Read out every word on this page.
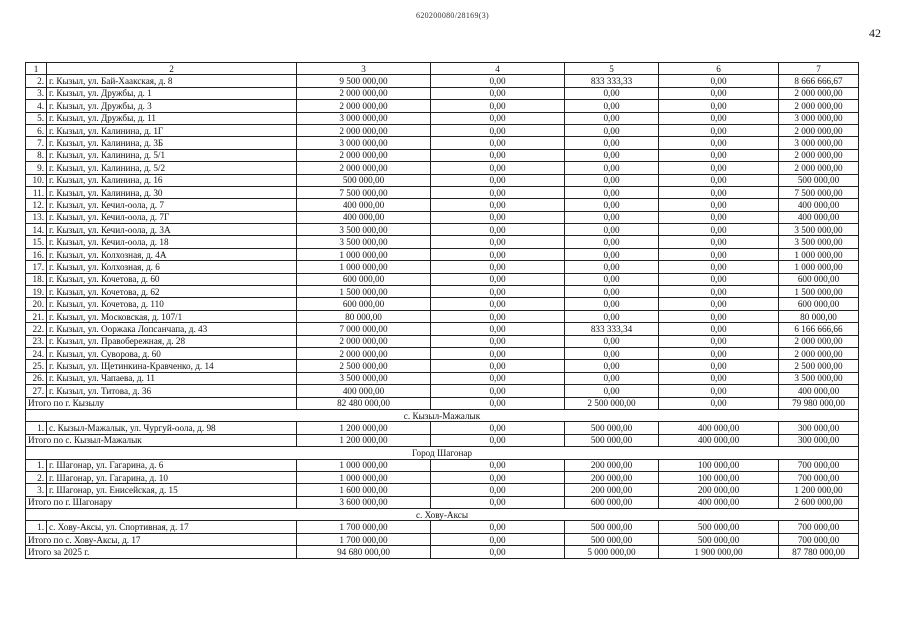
620200080/28169(3)
42
1	2	3	4	5	6	7
2.	г. Кызыл, ул. Бай-Хаакская, д. 8	9 500 000,00	0,00	833 333,33	0,00	8 666 666,67
3.	г. Кызыл, ул. Дружбы, д. 1	2 000 000,00	0,00	0,00	0,00	2 000 000,00
4.	г. Кызыл, ул. Дружбы, д. 3	2 000 000,00	0,00	0,00	0,00	2 000 000,00
5.	г. Кызыл, ул. Дружбы, д. 11	3 000 000,00	0,00	0,00	0,00	3 000 000,00
6.	г. Кызыл, ул. Калинина, д. 1Г	2 000 000,00	0,00	0,00	0,00	2 000 000,00
7.	г. Кызыл, ул. Калинина, д. 3Б	3 000 000,00	0,00	0,00	0,00	3 000 000,00
8.	г. Кызыл, ул. Калинина, д. 5/1	2 000 000,00	0,00	0,00	0,00	2 000 000,00
9.	г. Кызыл, ул. Калинина, д. 5/2	2 000 000,00	0,00	0,00	0,00	2 000 000,00
10.	г. Кызыл, ул. Калинина, д. 16	500 000,00	0,00	0,00	0,00	500 000,00
11.	г. Кызыл, ул. Калинина, д. 30	7 500 000,00	0,00	0,00	0,00	7 500 000,00
12.	г. Кызыл, ул. Кечил-оола, д. 7	400 000,00	0,00	0,00	0,00	400 000,00
13.	г. Кызыл, ул. Кечил-оола, д. 7Г	400 000,00	0,00	0,00	0,00	400 000,00
14.	г. Кызыл, ул. Кечил-оола, д. 3А	3 500 000,00	0,00	0,00	0,00	3 500 000,00
15.	г. Кызыл, ул. Кечил-оола, д. 18	3 500 000,00	0,00	0,00	0,00	3 500 000,00
16.	г. Кызыл, ул. Колхозная, д. 4А	1 000 000,00	0,00	0,00	0,00	1 000 000,00
17.	г. Кызыл, ул. Колхозная, д. 6	1 000 000,00	0,00	0,00	0,00	1 000 000,00
18.	г. Кызыл, ул. Кочетова, д. 60	600 000,00	0,00	0,00	0,00	600 000,00
19.	г. Кызыл, ул. Кочетова, д. 62	1 500 000,00	0,00	0,00	0,00	1 500 000,00
20.	г. Кызыл, ул. Кочетова, д. 110	600 000,00	0,00	0,00	0,00	600 000,00
21.	г. Кызыл, ул. Московская, д. 107/1	80 000,00	0,00	0,00	0,00	80 000,00
22.	г. Кызыл, ул. Ооржака Лопсанчапа, д. 43	7 000 000,00	0,00	833 333,34	0,00	6 166 666,66
23.	г. Кызыл, ул. Правобережная, д. 28	2 000 000,00	0,00	0,00	0,00	2 000 000,00
24.	г. Кызыл, ул. Суворова, д. 60	2 000 000,00	0,00	0,00	0,00	2 000 000,00
25.	г. Кызыл, ул. Щетинкина-Кравченко, д. 14	2 500 000,00	0,00	0,00	0,00	2 500 000,00
26.	г. Кызыл, ул. Чапаева, д. 11	3 500 000,00	0,00	0,00	0,00	3 500 000,00
27.	г. Кызыл, ул. Титова, д. 36	400 000,00	0,00	0,00	0,00	400 000,00
Итого по г. Кызылу		82 480 000,00	0,00	2 500 000,00	0,00	79 980 000,00
с. Кызыл-Мажалык						
1.	с. Кызыл-Мажалык, ул. Чургуй-оола, д. 98	1 200 000,00	0,00	500 000,00	400 000,00	300 000,00
Итого по с. Кызыл-Мажалык		1 200 000,00	0,00	500 000,00	400 000,00	300 000,00
Город Шагонар						
1.	г. Шагонар, ул. Гагарина, д. 6	1 000 000,00	0,00	200 000,00	100 000,00	700 000,00
2.	г. Шагонар, ул. Гагарина, д. 10	1 000 000,00	0,00	200 000,00	100 000,00	700 000,00
3.	г. Шагонар, ул. Енисейская, д. 15	1 600 000,00	0,00	200 000,00	200 000,00	1 200 000,00
Итого по г. Шагонару		3 600 000,00	0,00	600 000,00	400 000,00	2 600 000,00
с. Хову-Аксы						
1.	с. Хову-Аксы, ул. Спортивная, д. 17	1 700 000,00	0,00	500 000,00	500 000,00	700 000,00
Итого по с. Хову-Аксы, д. 17		1 700 000,00	0,00	500 000,00	500 000,00	700 000,00
Итого за 2025 г.		94 680 000,00	0,00	5 000 000,00	1 900 000,00	87 780 000,00
